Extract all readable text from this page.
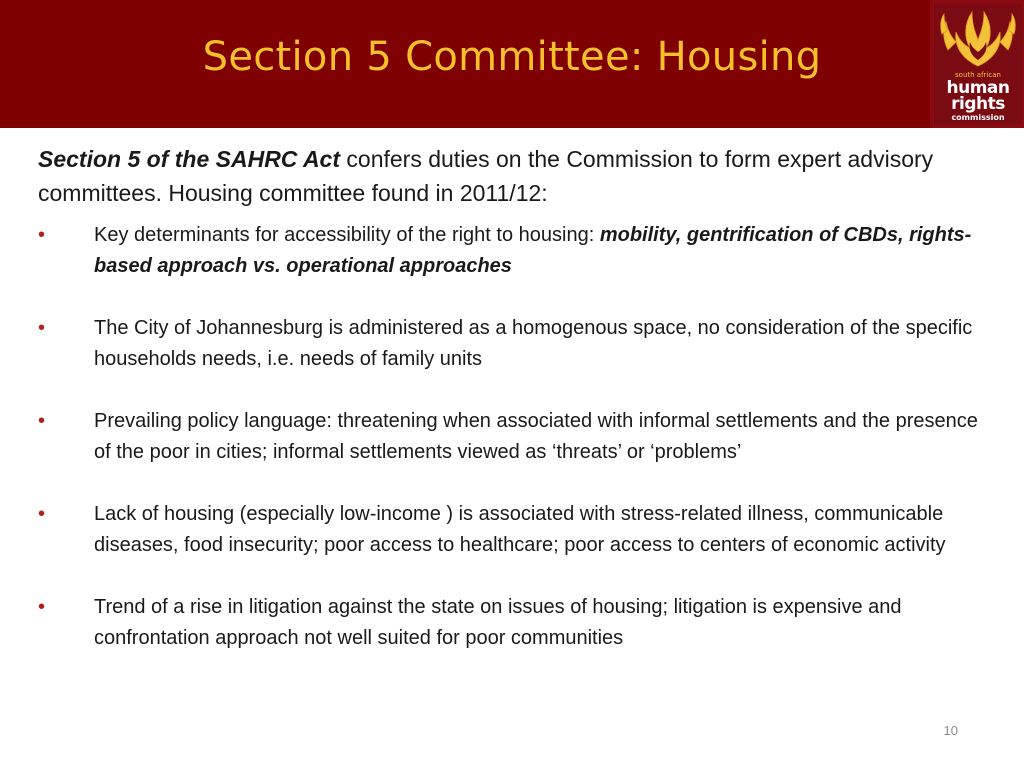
Section 5 Committee: Housing	south african
human
rights
commission

Section 5 of the SAHRC Act confers duties on the Commission to form expert advisory committees. Housing committee found in 2011/12:

• Key determinants for accessibility of the right to housing: mobility, gentrification of CBDs, rights-based approach vs. operational approaches
• The City of Johannesburg is administered as a homogenous space, no consideration of the specific households needs, i.e. needs of family units
• Prevailing policy language: threatening when associated with informal settlements and the presence of the poor in cities; informal settlements viewed as ‘threats’ or ‘problems’
• Lack of housing (especially low-income ) is associated with stress-related illness, communicable diseases, food insecurity; poor access to healthcare; poor access to centers of economic activity
• Trend of a rise in litigation against the state on issues of housing; litigation is expensive and confrontation approach not well suited for poor communities
10
